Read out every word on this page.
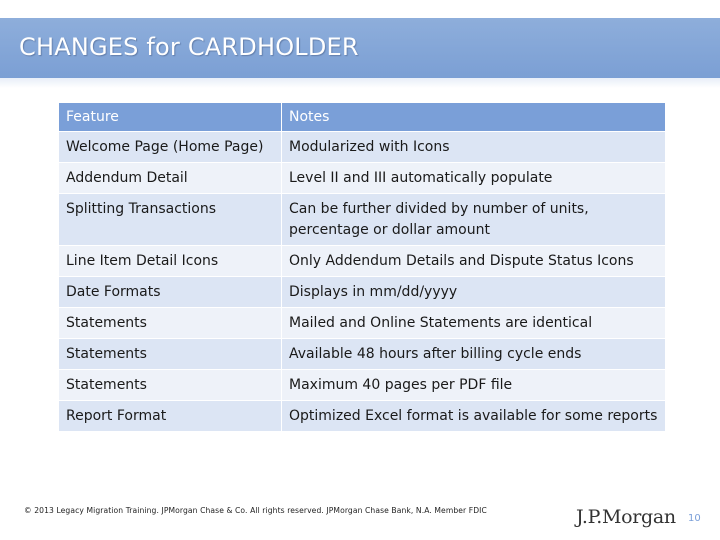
CHANGES for CARDHOLDER
Feature	Notes
Welcome Page (Home Page)	Modularized with Icons
Addendum Detail	Level II and III automatically populate
Splitting Transactions	Can be further divided by number of units, percentage or dollar amount
Line Item Detail Icons	Only Addendum Details and Dispute Status Icons
Date Formats	Displays in mm/dd/yyyy
Statements	Mailed and Online Statements are identical
Statements	Available 48 hours after billing cycle ends
Statements	Maximum 40 pages per PDF file
Report Format	Optimized Excel format is available for some reports
© 2013 Legacy Migration Training. JPMorgan Chase & Co. All rights reserved. JPMorgan Chase Bank, N.A. Member FDIC	J.P.Morgan 10
